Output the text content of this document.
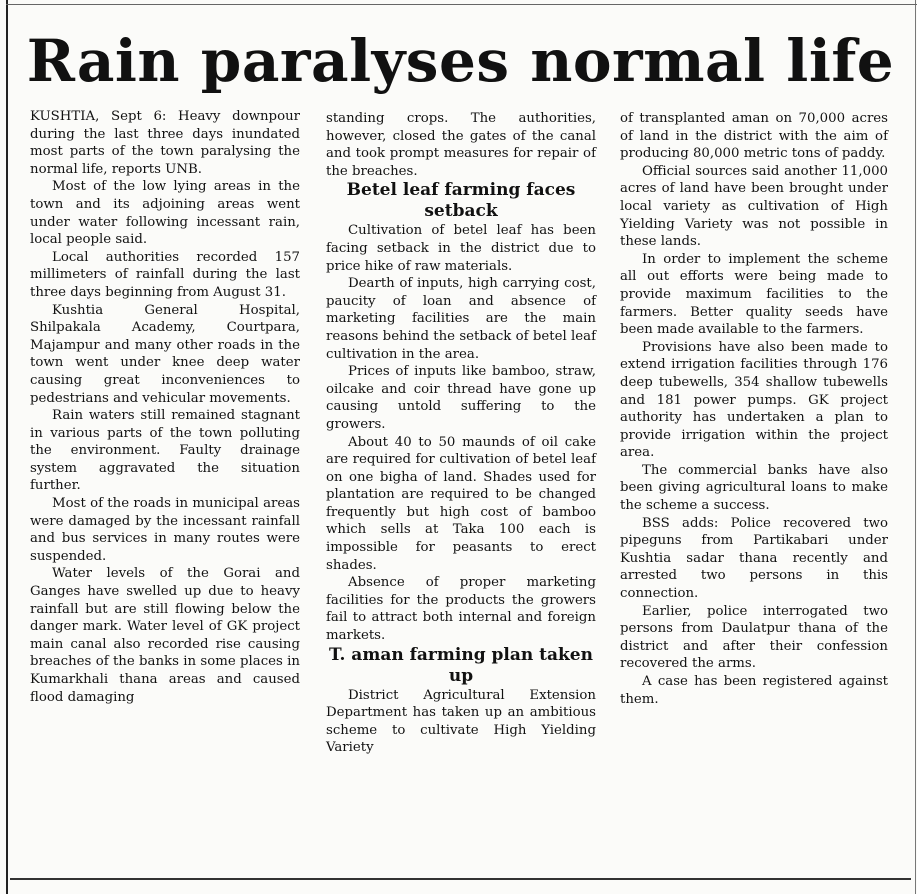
Rain paralyses normal life

KUSHTIA, Sept 6: Heavy downpour during the last three days inundated most parts of the town paralysing the normal life, reports UNB.

Most of the low lying areas in the town and its adjoining areas went under water following incessant rain, local people said.

Local authorities recorded 157 millimeters of rainfall during the last three days beginning from August 31.

Kushtia General Hospital, Shilpakala Academy, Courtpara, Majampur and many other roads in the town went under knee deep water causing great inconveniences to pedestrians and vehicular movements.

Rain waters still remained stagnant in various parts of the town polluting the environment. Faulty drainage system aggravated the situation further.

Most of the roads in municipal areas were damaged by the incessant rainfall and bus services in many routes were suspended.

Water levels of the Gorai and Ganges have swelled up due to heavy rainfall but are still flowing below the danger mark. Water level of GK project main canal also recorded rise causing breaches of the banks in some places in Kumarkhali thana areas and caused flood damaging

standing crops. The authorities, however, closed the gates of the canal and took prompt measures for repair of the breaches.

Betel leaf farming faces setback

Cultivation of betel leaf has been facing setback in the district due to price hike of raw materials.

Dearth of inputs, high carrying cost, paucity of loan and absence of marketing facilities are the main reasons behind the setback of betel leaf cultivation in the area.

Prices of inputs like bamboo, straw, oilcake and coir thread have gone up causing untold suffering to the growers.

About 40 to 50 maunds of oil cake are required for cultivation of betel leaf on one bigha of land. Shades used for plantation are required to be changed frequently but high cost of bamboo which sells at Taka 100 each is impossible for peasants to erect shades.

Absence of proper marketing facilities for the products the growers fail to attract both internal and foreign markets.

T. aman farming plan taken up

District Agricultural Extension Department has taken up an ambitious scheme to cultivate High Yielding Variety

of transplanted aman on 70,000 acres of land in the district with the aim of producing 80,000 metric tons of paddy.

Official sources said another 11,000 acres of land have been brought under local variety as cultivation of High Yielding Variety was not possible in these lands.

In order to implement the scheme all out efforts were being made to provide maximum facilities to the farmers. Better quality seeds have been made available to the farmers.

Provisions have also been made to extend irrigation facilities through 176 deep tubewells, 354 shallow tubewells and 181 power pumps. GK project authority has undertaken a plan to provide irrigation within the project area.

The commercial banks have also been giving agricultural loans to make the scheme a success.

BSS adds: Police recovered two pipeguns from Partikabari under Kushtia sadar thana recently and arrested two persons in this connection.

Earlier, police interrogated two persons from Daulatpur thana of the district and after their confession recovered the arms.

A case has been registered against them.
